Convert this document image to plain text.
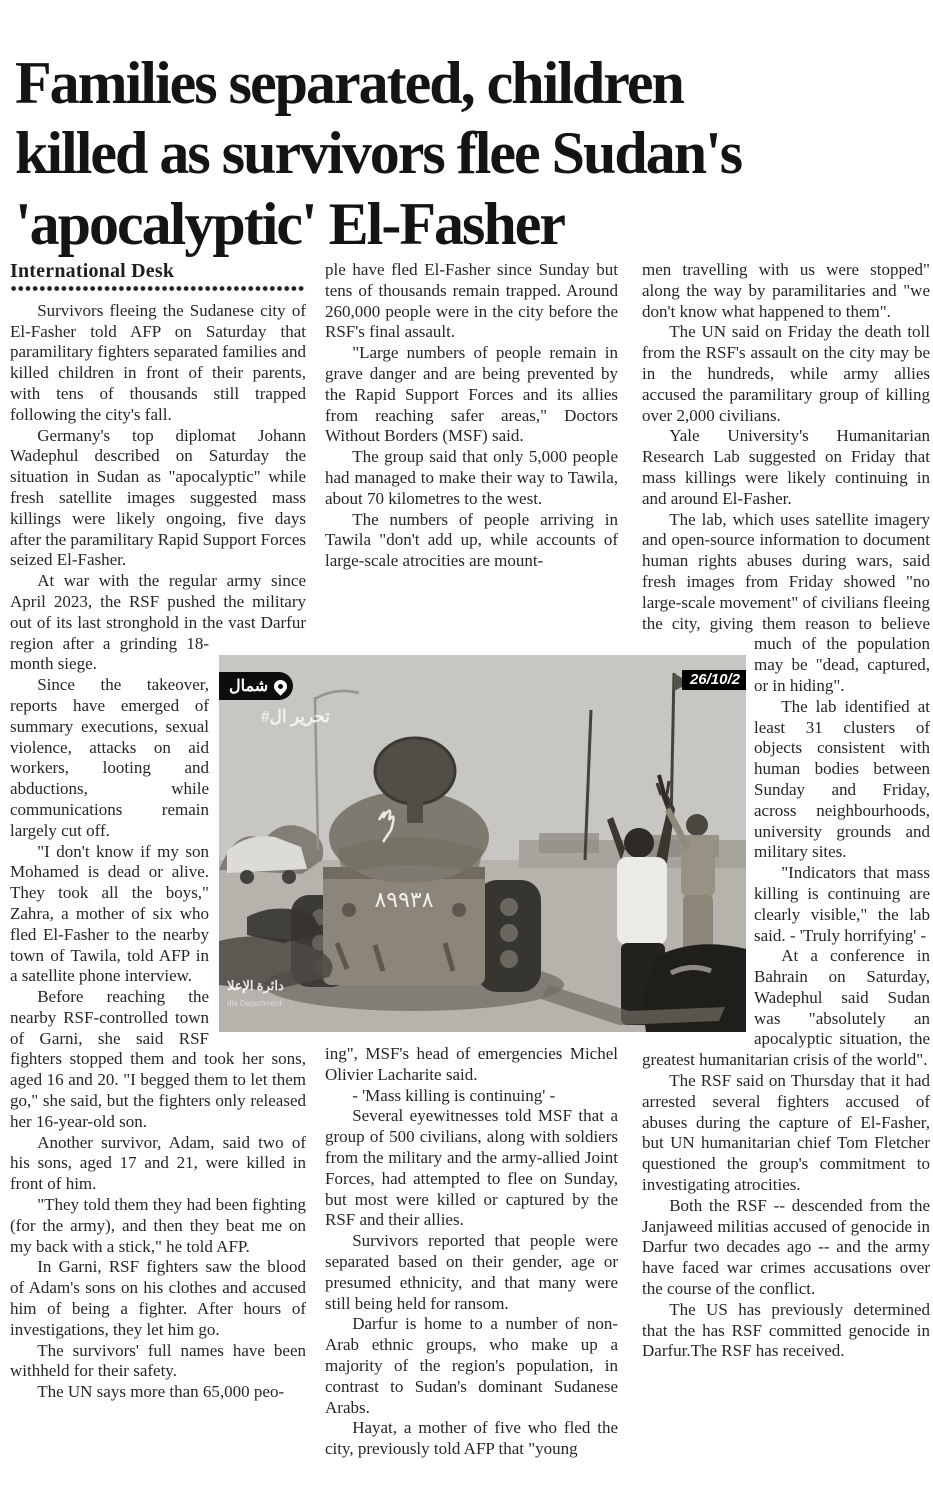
Families separated, children
killed as survivors flee Sudan's
'apocalyptic' El-Fasher
International Desk

Survivors fleeing the Sudanese city of El-Fasher told AFP on Saturday that paramilitary fighters separated families and killed children in front of their parents, with tens of thousands still trapped following the city's fall.

Germany's top diplomat Johann Wadephul described on Saturday the situation in Sudan as "apocalyptic" while fresh satellite images suggested mass killings were likely ongoing, five days after the paramilitary Rapid Support Forces seized El-Fasher.

At war with the regular army since April 2023, the RSF pushed the military out of its last stronghold in the vast Darfur region after a grinding 18-month siege.

Since the takeover, reports have emerged of summary executions, sexual violence, attacks on aid workers, looting and abductions, while communications remain largely cut off.

"I don't know if my son Mohamed is dead or alive. They took all the boys," Zahra, a mother of six who fled El-Fasher to the nearby town of Tawila, told AFP in a satellite phone interview.

Before reaching the nearby RSF-controlled town of Garni, she said RSF fighters stopped them and took her sons, aged 16 and 20. "I begged them to let them go," she said, but the fighters only released her 16-year-old son.

Another survivor, Adam, said two of his sons, aged 17 and 21, were killed in front of him.

"They told them they had been fighting (for the army), and then they beat me on my back with a stick," he told AFP.

In Garni, RSF fighters saw the blood of Adam's sons on his clothes and accused him of being a fighter. After hours of investigations, they let him go.

The survivors' full names have been withheld for their safety.

The UN says more than 65,000 peo-

ple have fled El-Fasher since Sunday but tens of thousands remain trapped. Around 260,000 people were in the city before the RSF's final assault.

"Large numbers of people remain in grave danger and are being prevented by the Rapid Support Forces and its allies from reaching safer areas," Doctors Without Borders (MSF) said.

The group said that only 5,000 people had managed to make their way to Tawila, about 70 kilometres to the west.

The numbers of people arriving in Tawila "don't add up, while accounts of large-scale atrocities are mount-

ing", MSF's head of emergencies Michel Olivier Lacharite said.

- 'Mass killing is continuing' -

Several eyewitnesses told MSF that a group of 500 civilians, along with soldiers from the military and the army-allied Joint Forces, had attempted to flee on Sunday, but most were killed or captured by the RSF and their allies.

Survivors reported that people were separated based on their gender, age or presumed ethnicity, and that many were still being held for ransom.

Darfur is home to a number of non-Arab ethnic groups, who make up a majority of the region's population, in contrast to Sudan's dominant Sudanese Arabs.

Hayat, a mother of five who fled the city, previously told AFP that "young

men travelling with us were stopped" along the way by paramilitaries and "we don't know what happened to them".

The UN said on Friday the death toll from the RSF's assault on the city may be in the hundreds, while army allies accused the paramilitary group of killing over 2,000 civilians.

Yale University's Humanitarian Research Lab suggested on Friday that mass killings were likely continuing in and around El-Fasher.

The lab, which uses satellite imagery and open-source information to document human rights abuses during wars, said fresh images from Friday showed "no large-scale movement" of civilians fleeing the city, giving them reason to believe much of the population may be "dead, captured, or in hiding".

The lab identified at least 31 clusters of objects consistent with human bodies between Sunday and Friday, across neighbourhoods, university grounds and military sites.

"Indicators that mass killing is continuing are clearly visible," the lab said. - 'Truly horrifying' -

At a conference in Bahrain on Saturday, Wadephul said Sudan was "absolutely an apocalyptic situation, the greatest humanitarian crisis of the world".

The RSF said on Thursday that it had arrested several fighters accused of abuses during the capture of El-Fasher, but UN humanitarian chief Tom Fletcher questioned the group's commitment to investigating atrocities.

Both the RSF -- descended from the Janjaweed militias accused of genocide in Darfur two decades ago -- and the army have faced war crimes accusations over the course of the conflict.

The US has previously determined that the has RSF committed genocide in Darfur.The RSF has received.

٨٩٩٣٨
شمال
#تحرير ال
26/10/2
دائرة الإعلا
dia Department
